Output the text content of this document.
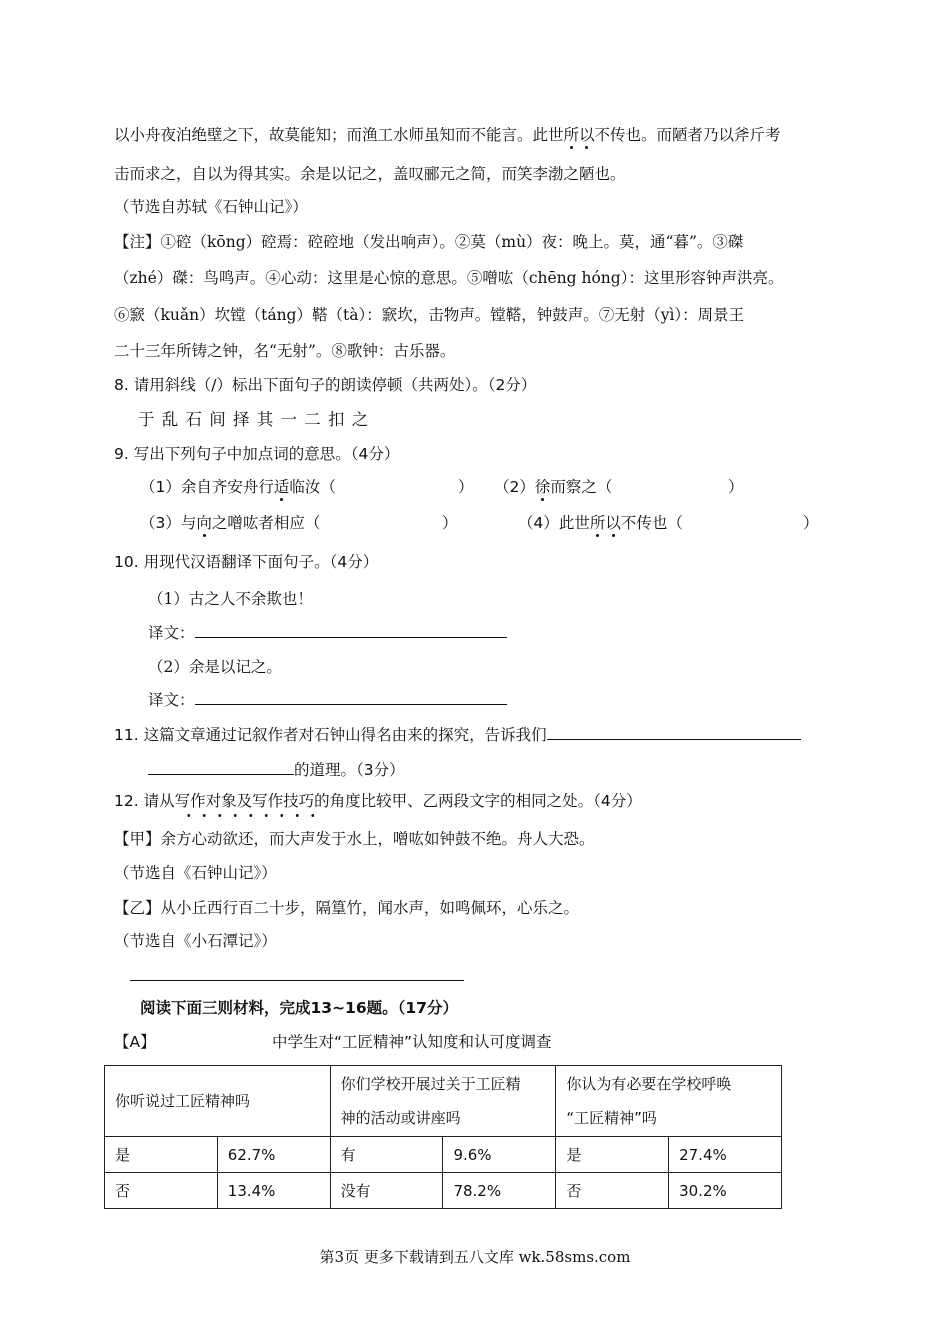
以小舟夜泊绝壁之下，故莫能知；而渔工水师虽知而不能言。此世所以不传也。而陋者乃以斧斤考
击而求之，自以为得其实。余是以记之，盖叹郦元之简，而笑李渤之陋也。
（节选自苏轼《石钟山记》）
【注】①硿（kōng）硿焉：硿硿地（发出响声）。②莫（mù）夜：晚上。莫，通“暮”。③磔
（zhé）磔：鸟鸣声。④心动：这里是心惊的意思。⑤噌吰（chēng hóng）：这里形容钟声洪亮。
⑥窾（kuǎn）坎镗（táng）鞳（tà）：窾坎，击物声。镗鞳，钟鼓声。⑦无射（yì）：周景王
二十三年所铸之钟，名“无射”。⑧歌钟：古乐器。
8. 请用斜线（/）标出下面句子的朗读停顿（共两处）。（2分）
于 乱 石 间 择 其 一 二 扣 之
9. 写出下列句子中加点词的意思。（4分）
（1）余自齐安舟行适临汝（	） （2）徐而察之（	）
（3）与向之噌吰者相应（	）	（4）此世所以不传也（	）
10. 用现代汉语翻译下面句子。（4分）
（1）古之人不余欺也！
译文：
（2）余是以记之。
译文：
11. 这篇文章通过记叙作者对石钟山得名由来的探究，告诉我们
的道理。（3分）
12. 请从写作对象及写作技巧
的角度比较甲、乙两段文字的相同之处。（4分）
【甲】余方心动欲还，而大声发于水上，噌吰如钟鼓不绝。舟人大恐。
（节选自《石钟山记》）
【乙】从小丘西行百二十步，隔篁竹，闻水声，如鸣佩环，心乐之。
（节选自《小石潭记》）
阅读下面三则材料，完成13~16题。（17分）
【A】	中学生对“工匠精神”认知度和认可度调查
你听说过工匠精神吗		你们学校开展过关于工匠精
神的活动或讲座吗		你认为有必要在学校呼唤
“工匠精神”吗	
是	62.7%	有	9.6%	是	27.4%
否	13.4%	没有	78.2%	否	30.2%
第3页 更多下载请到五八文库 wk.58sms.com
